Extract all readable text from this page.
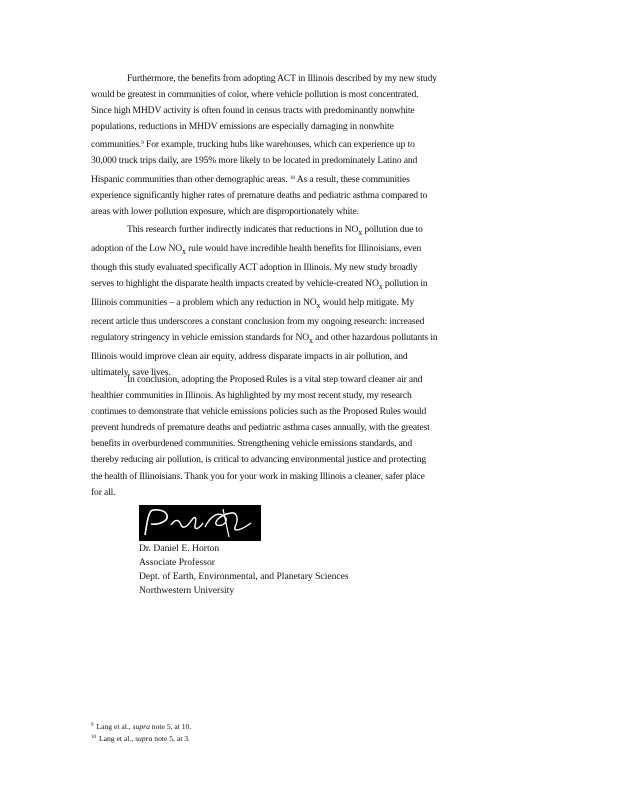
Furthermore, the benefits from adopting ACT in Illinois described by my new study
would be greatest in communities of color, where vehicle pollution is most concentrated.
Since high MHDV activity is often found in census tracts with predominantly nonwhite
populations, reductions in MHDV emissions are especially damaging in nonwhite
communities.$^9$ For example, trucking hubs like warehouses, which can experience up to
30,000 truck trips daily, are 195% more likely to be located in predominately Latino and
Hispanic communities than other demographic areas. $^{10}$ As a result, these communities
experience significantly higher rates of premature deaths and pediatric asthma compared to
areas with lower pollution exposure, which are disproportionately white.
This research further indirectly indicates that reductions in $NO_x$ pollution due to
adoption of the Low $NO_x$ rule would have incredible health benefits for Illinoisians, even
though this study evaluated specifically ACT adoption in Illinois. My new study broadly
serves to highlight the disparate health impacts created by vehicle-created $NO_x$ pollution in
Illinois communities – a problem which any reduction in $NO_x$ would help mitigate. My
recent article thus underscores a constant conclusion from my ongoing research: increased
regulatory stringency in vehicle emission standards for $NO_x$ and other hazardous pollutants in
Illinois would improve clean air equity, address disparate impacts in air pollution, and
ultimately, save lives.
In conclusion, adopting the Proposed Rules is a vital step toward cleaner air and
healthier communities in Illinois. As highlighted by my most recent study, my research
continues to demonstrate that vehicle emissions policies such as the Proposed Rules would
prevent hundreds of premature deaths and pediatric asthma cases annually, with the greatest
benefits in overburdened communities. Strengthening vehicle emissions standards, and
thereby reducing air pollution, is critical to advancing environmental justice and protecting
the health of Illinoisians. Thank you for your work in making Illinois a cleaner, safer place
for all.
Dr. Daniel E. Horton
Associate Professor
Dept. of Earth, Environmental, and Planetary Sciences
Northwestern University
$^9$ Lang et al., supra note 5, at 10.
$^{10}$ Lang et al., supra note 5, at 3.
